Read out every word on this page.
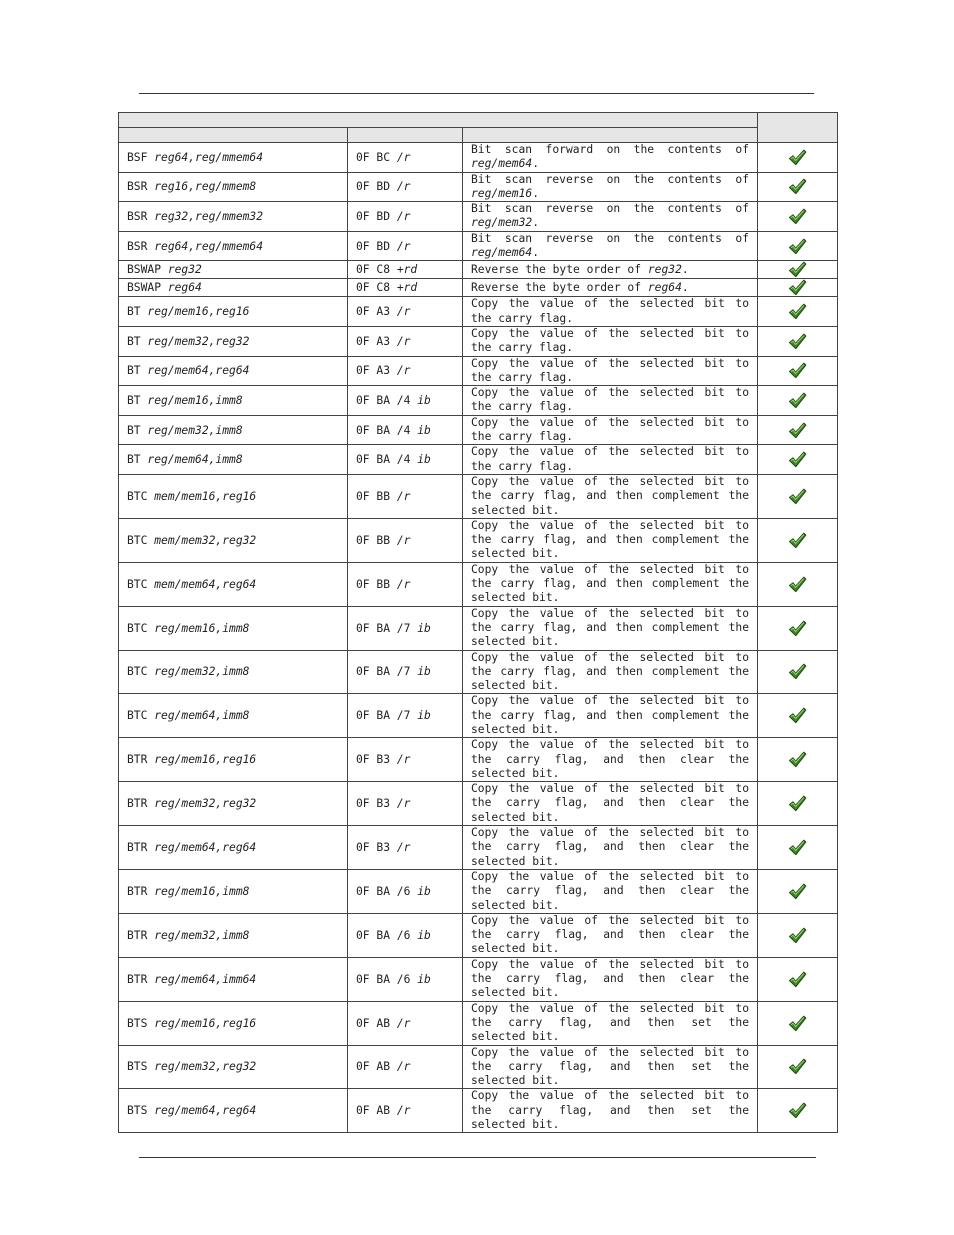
BSF reg64,reg/mmem64	0F BC /r	Bit scan forward on the contents of reg/mem64.	

BSR reg16,reg/mmem8	0F BD /r	Bit scan reverse on the contents of reg/mem16.	

BSR reg32,reg/mmem32	0F BD /r	Bit scan reverse on the contents of reg/mem32.	

BSR reg64,reg/mmem64	0F BD /r	Bit scan reverse on the contents of reg/mem64.	

BSWAP reg32	0F C8 +rd	Reverse the byte order of reg32.	

BSWAP reg64	0F C8 +rd	Reverse the byte order of reg64.	

BT reg/mem16,reg16	0F A3 /r	Copy the value of the selected bit to the carry flag.	

BT reg/mem32,reg32	0F A3 /r	Copy the value of the selected bit to the carry flag.	

BT reg/mem64,reg64	0F A3 /r	Copy the value of the selected bit to the carry flag.	

BT reg/mem16,imm8	0F BA /4 ib	Copy the value of the selected bit to the carry flag.	

BT reg/mem32,imm8	0F BA /4 ib	Copy the value of the selected bit to the carry flag.	

BT reg/mem64,imm8	0F BA /4 ib	Copy the value of the selected bit to the carry flag.	

BTC mem/mem16,reg16	0F BB /r	Copy the value of the selected bit to the carry flag, and then complement the selected bit.	

BTC mem/mem32,reg32	0F BB /r	Copy the value of the selected bit to the carry flag, and then complement the selected bit.	

BTC mem/mem64,reg64	0F BB /r	Copy the value of the selected bit to the carry flag, and then complement the selected bit.	

BTC reg/mem16,imm8	0F BA /7 ib	Copy the value of the selected bit to the carry flag, and then complement the selected bit.	

BTC reg/mem32,imm8	0F BA /7 ib	Copy the value of the selected bit to the carry flag, and then complement the selected bit.	

BTC reg/mem64,imm8	0F BA /7 ib	Copy the value of the selected bit to the carry flag, and then complement the selected bit.	

BTR reg/mem16,reg16	0F B3 /r	Copy the value of the selected bit to the carry flag, and then clear the selected bit.	

BTR reg/mem32,reg32	0F B3 /r	Copy the value of the selected bit to the carry flag, and then clear the selected bit.	

BTR reg/mem64,reg64	0F B3 /r	Copy the value of the selected bit to the carry flag, and then clear the selected bit.	

BTR reg/mem16,imm8	0F BA /6 ib	Copy the value of the selected bit to the carry flag, and then clear the selected bit.	

BTR reg/mem32,imm8	0F BA /6 ib	Copy the value of the selected bit to the carry flag, and then clear the selected bit.	

BTR reg/mem64,imm64	0F BA /6 ib	Copy the value of the selected bit to the carry flag, and then clear the selected bit.	

BTS reg/mem16,reg16	0F AB /r	Copy the value of the selected bit to the carry flag, and then set the selected bit.	

BTS reg/mem32,reg32	0F AB /r	Copy the value of the selected bit to the carry flag, and then set the selected bit.	

BTS reg/mem64,reg64	0F AB /r	Copy the value of the selected bit to the carry flag, and then set the selected bit.	
